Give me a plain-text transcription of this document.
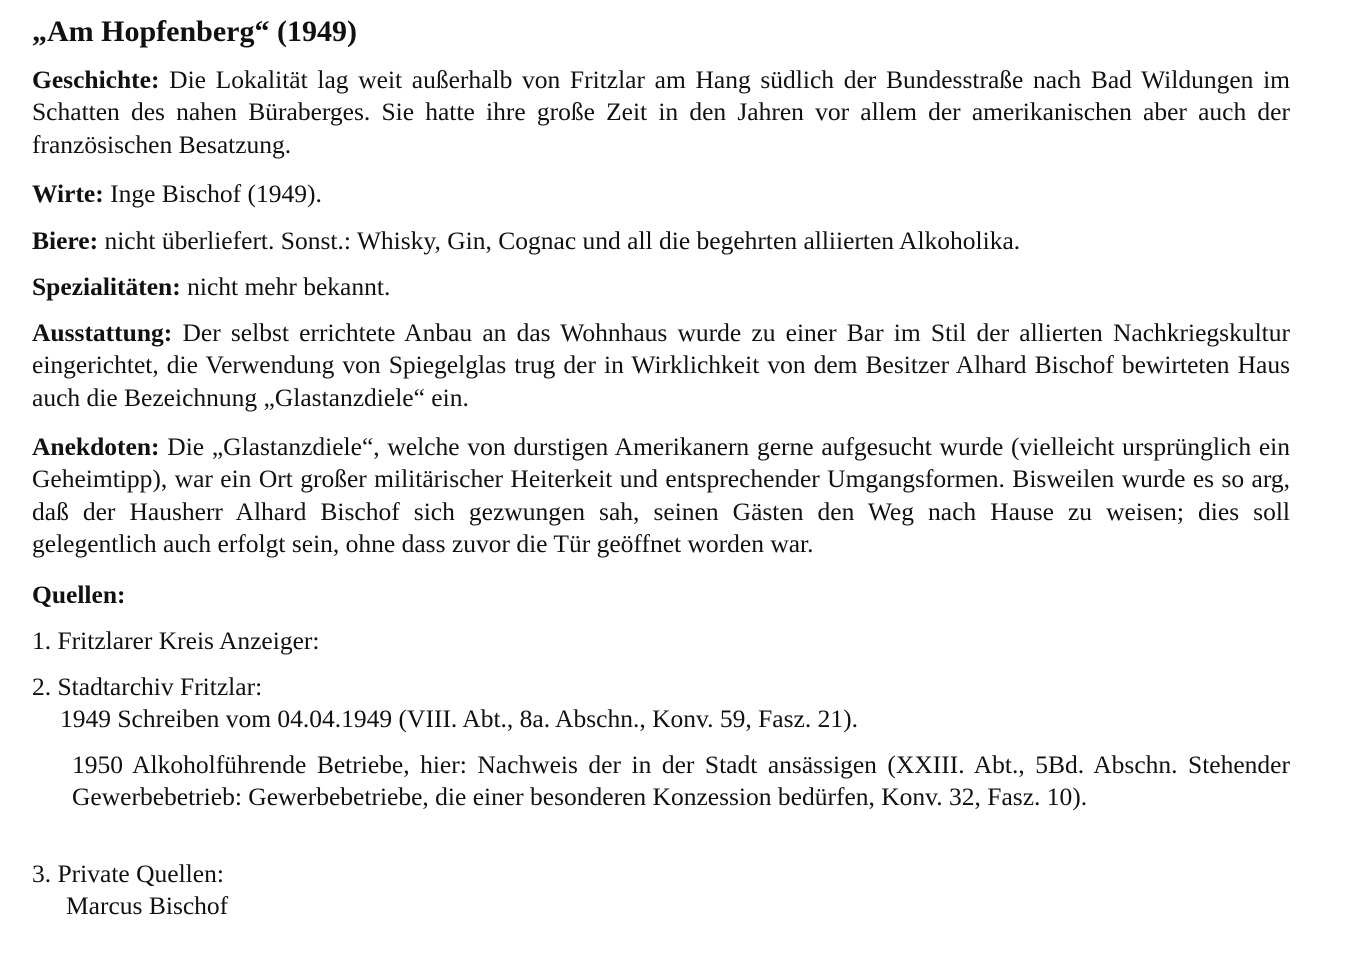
„Am Hopfenberg“ (1949)

Geschichte: Die Lokalität lag weit außerhalb von Fritzlar am Hang südlich der Bundesstraße nach Bad Wildungen im Schatten des nahen Büraberges. Sie hatte ihre große Zeit in den Jahren vor allem der amerikanischen aber auch der französischen Besatzung.

Wirte: Inge Bischof (1949).

Biere: nicht überliefert. Sonst.: Whisky, Gin, Cognac und all die begehrten alliierten Alkoholika.

Spezialitäten: nicht mehr bekannt.

Ausstattung: Der selbst errichtete Anbau an das Wohnhaus wurde zu einer Bar im Stil der allierten Nachkriegskultur eingerichtet, die Verwendung von Spiegelglas trug der in Wirklichkeit von dem Besitzer Alhard Bischof bewirteten Haus auch die Bezeichnung „Glastanzdiele“ ein.

Anekdoten: Die „Glastanzdiele“, welche von durstigen Amerikanern gerne aufgesucht wurde (vielleicht ursprünglich ein Geheimtipp), war ein Ort großer militärischer Heiterkeit und entsprechender Umgangsformen. Bisweilen wurde es so arg, daß der Hausherr Alhard Bischof sich gezwungen sah, seinen Gästen den Weg nach Hause zu weisen; dies soll gelegentlich auch erfolgt sein, ohne dass zuvor die Tür geöffnet worden war.

Quellen:

1. Fritzlarer Kreis Anzeiger:

2. Stadtarchiv Fritzlar:

1949 Schreiben vom 04.04.1949 (VIII. Abt., 8a. Abschn., Konv. 59, Fasz. 21).

1950 Alkoholführende Betriebe, hier: Nachweis der in der Stadt ansässigen (XXIII. Abt., 5Bd. Abschn. Stehender Gewerbebetrieb: Gewerbebetriebe, die einer besonderen Konzession bedürfen, Konv. 32, Fasz. 10).

3. Private Quellen:

Marcus Bischof
